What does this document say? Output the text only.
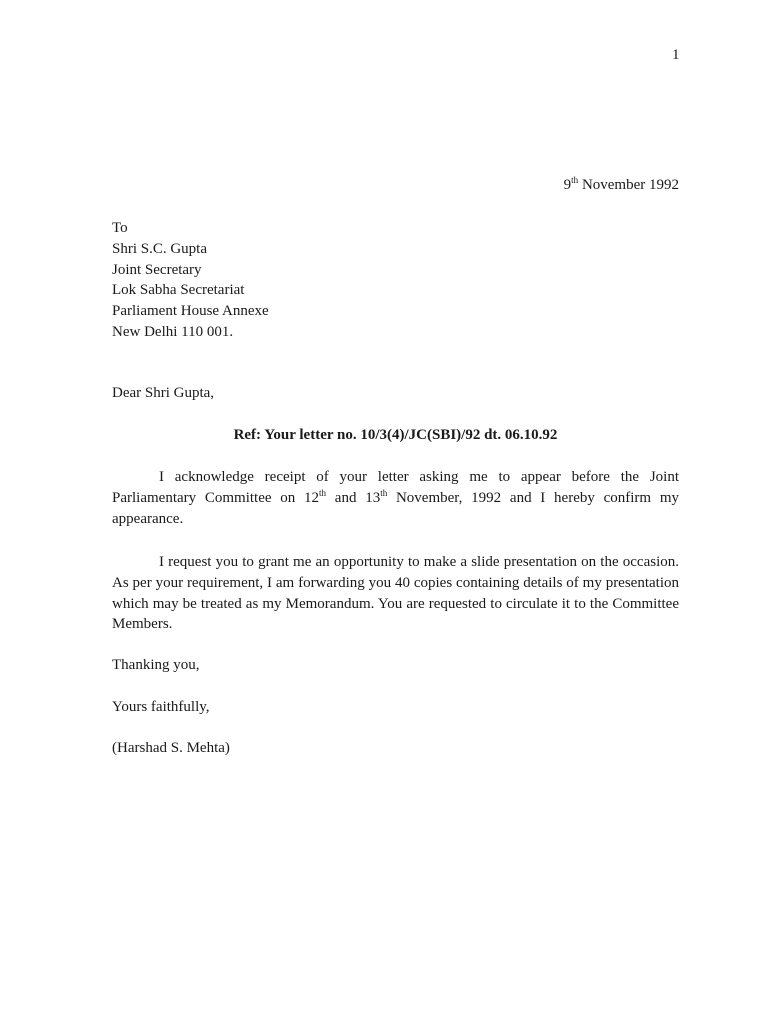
1
9th November 1992
To
Shri S.C. Gupta
Joint Secretary
Lok Sabha Secretariat
Parliament House Annexe
New Delhi 110 001.
Dear Shri Gupta,
Ref: Your letter no. 10/3(4)/JC(SBI)/92 dt. 06.10.92
I acknowledge receipt of your letter asking me to appear before the Joint Parliamentary Committee on 12th and 13th November, 1992 and I hereby confirm my appearance.
I request you to grant me an opportunity to make a slide presentation on the occasion. As per your requirement, I am forwarding you 40 copies containing details of my presentation which may be treated as my Memorandum. You are requested to circulate it to the Committee Members.
Thanking you,
Yours faithfully,
(Harshad S. Mehta)
